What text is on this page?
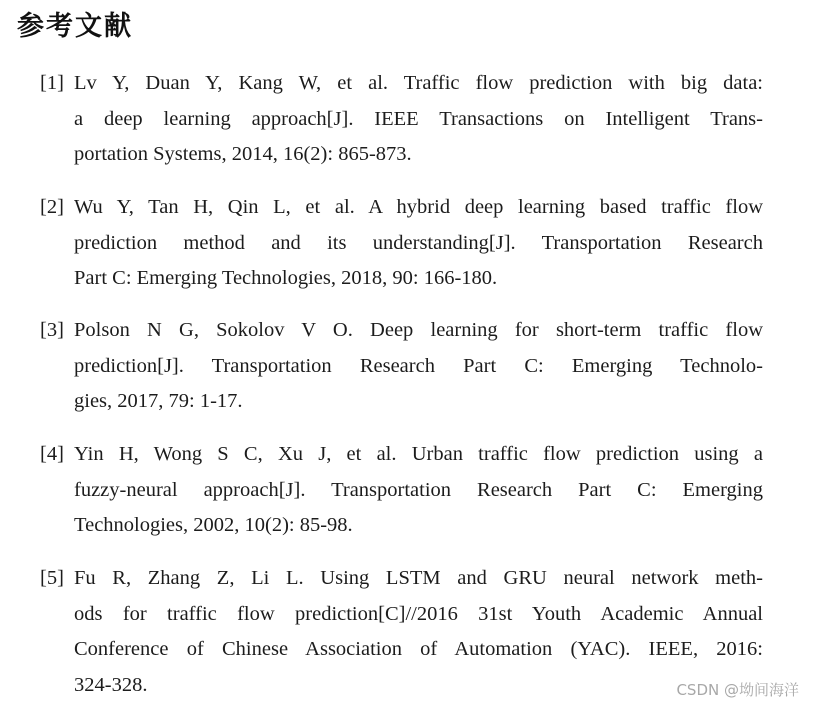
参考文献
[1] Lv Y, Duan Y, Kang W, et al. Traffic flow prediction with big data:
a deep learning approach[J]. IEEE Transactions on Intelligent Trans-
portation Systems, 2014, 16(2): 865-873.
[2] Wu Y, Tan H, Qin L, et al. A hybrid deep learning based traffic flow
prediction method and its understanding[J]. Transportation Research
Part C: Emerging Technologies, 2018, 90: 166-180.
[3] Polson N G, Sokolov V O. Deep learning for short-term traffic flow
prediction[J]. Transportation Research Part C: Emerging Technolo-
gies, 2017, 79: 1-17.
[4] Yin H, Wong S C, Xu J, et al. Urban traffic flow prediction using a
fuzzy-neural approach[J]. Transportation Research Part C: Emerging
Technologies, 2002, 10(2): 85-98.
[5] Fu R, Zhang Z, Li L. Using LSTM and GRU neural network meth-
ods for traffic flow prediction[C]//2016 31st Youth Academic Annual
Conference of Chinese Association of Automation (YAC). IEEE, 2016:
324-328.	CSDN @坳间海洋
